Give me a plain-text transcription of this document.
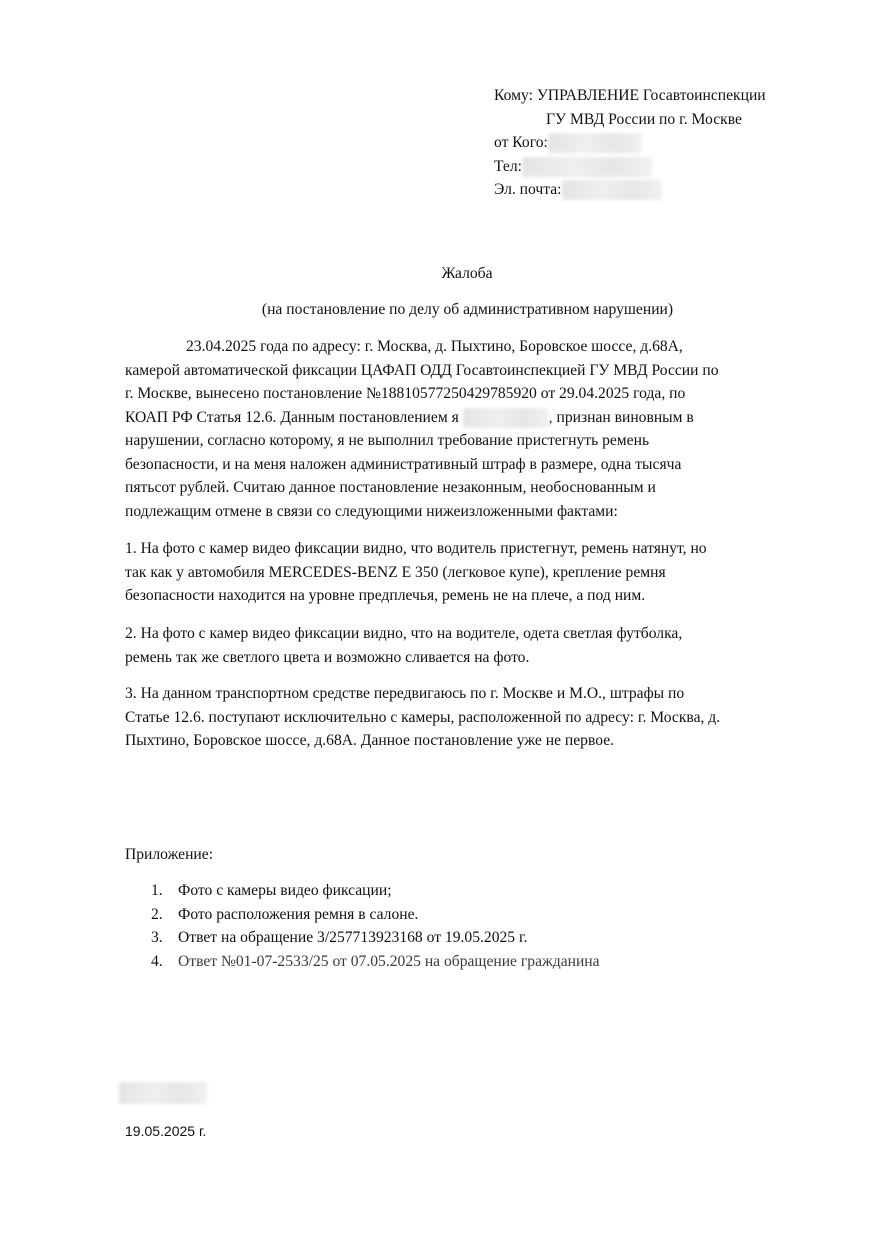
Кому: УПРАВЛЕНИЕ Госавтоинспекции
ГУ МВД России по г. Москве
от Кого:
Тел:
Эл. почта:
Жалоба
(на постановление по делу об административном нарушении)
23.04.2025 года по адресу: г. Москва, д. Пыхтино, Боровское шоссе, д.68А,
камерой автоматической фиксации ЦАФАП ОДД Госавтоинспекцией ГУ МВД России по
г. Москве, вынесено постановление №18810577250429785920 от 29.04.2025 года, по
КОАП РФ Статья 12.6. Данным постановлением я	, признан виновным в
нарушении, согласно которому, я не выполнил требование пристегнуть ремень
безопасности, и на меня наложен административный штраф в размере, одна тысяча
пятьсот рублей. Считаю данное постановление незаконным, необоснованным и
подлежащим отмене в связи со следующими нижеизложенными фактами:
1. На фото с камер видео фиксации видно, что водитель пристегнут, ремень натянут, но
так как у автомобиля MERCEDES-BENZ E 350 (легковое купе), крепление ремня
безопасности находится на уровне предплечья, ремень не на плече, а под ним.
2. На фото с камер видео фиксации видно, что на водителе, одета светлая футболка,
ремень так же светлого цвета и возможно сливается на фото.
3. На данном транспортном средстве передвигаюсь по г. Москве и М.О., штрафы по
Статье 12.6. поступают исключительно с камеры, расположенной по адресу: г. Москва, д.
Пыхтино, Боровское шоссе, д.68А. Данное постановление уже не первое.
Приложение:
1. Фото с камеры видео фиксации;
2. Фото расположения ремня в салоне.
3. Ответ на обращение 3/257713923168 от 19.05.2025 г.
4. Ответ №01-07-2533/25 от 07.05.2025 на обращение гражданина
19.05.2025 г.
